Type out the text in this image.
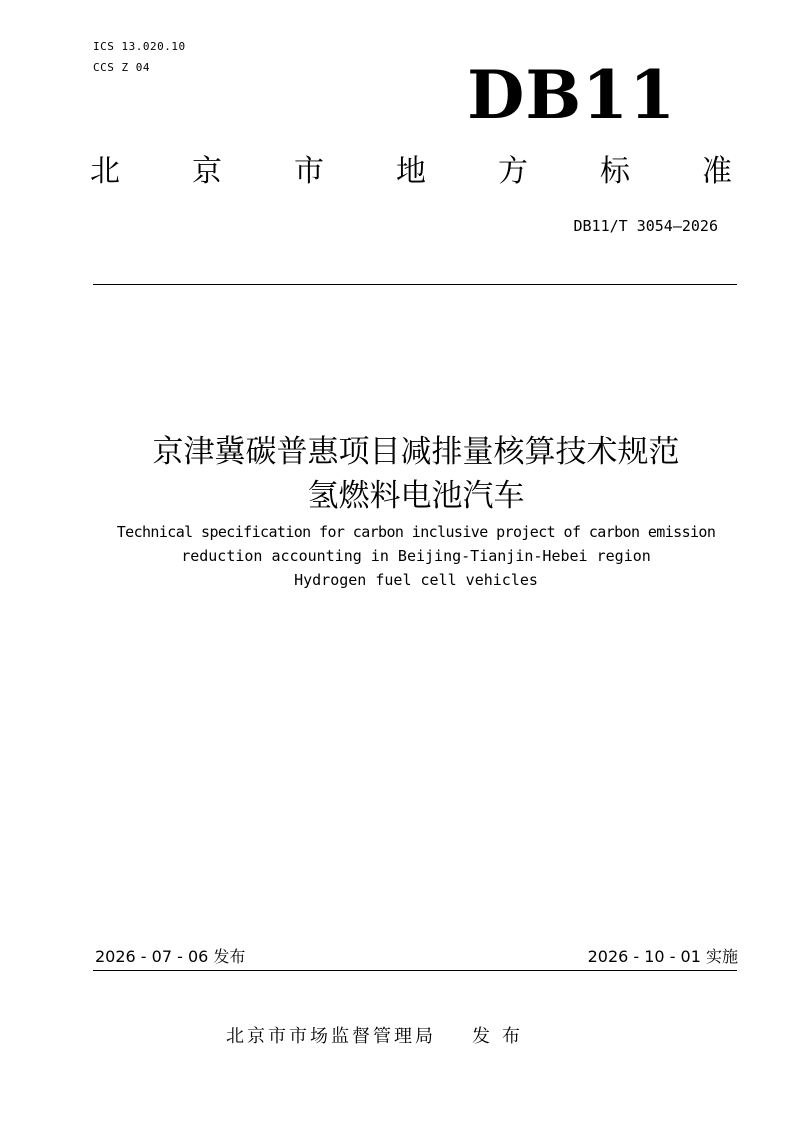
ICS 13.020.10
CCS Z 04	DB11
北 京 市 地 方 标 准
DB11/T 3054—2026
京津冀碳普惠项目减排量核算技术规范
氢燃料电池汽车
Technical specification for carbon inclusive project of carbon emission
reduction accounting in Beijing-Tianjin-Hebei region
Hydrogen fuel cell vehicles
2026 - 07 - 06 发布	2026 - 10 - 01 实施
北京市市场监督管理局 发布
